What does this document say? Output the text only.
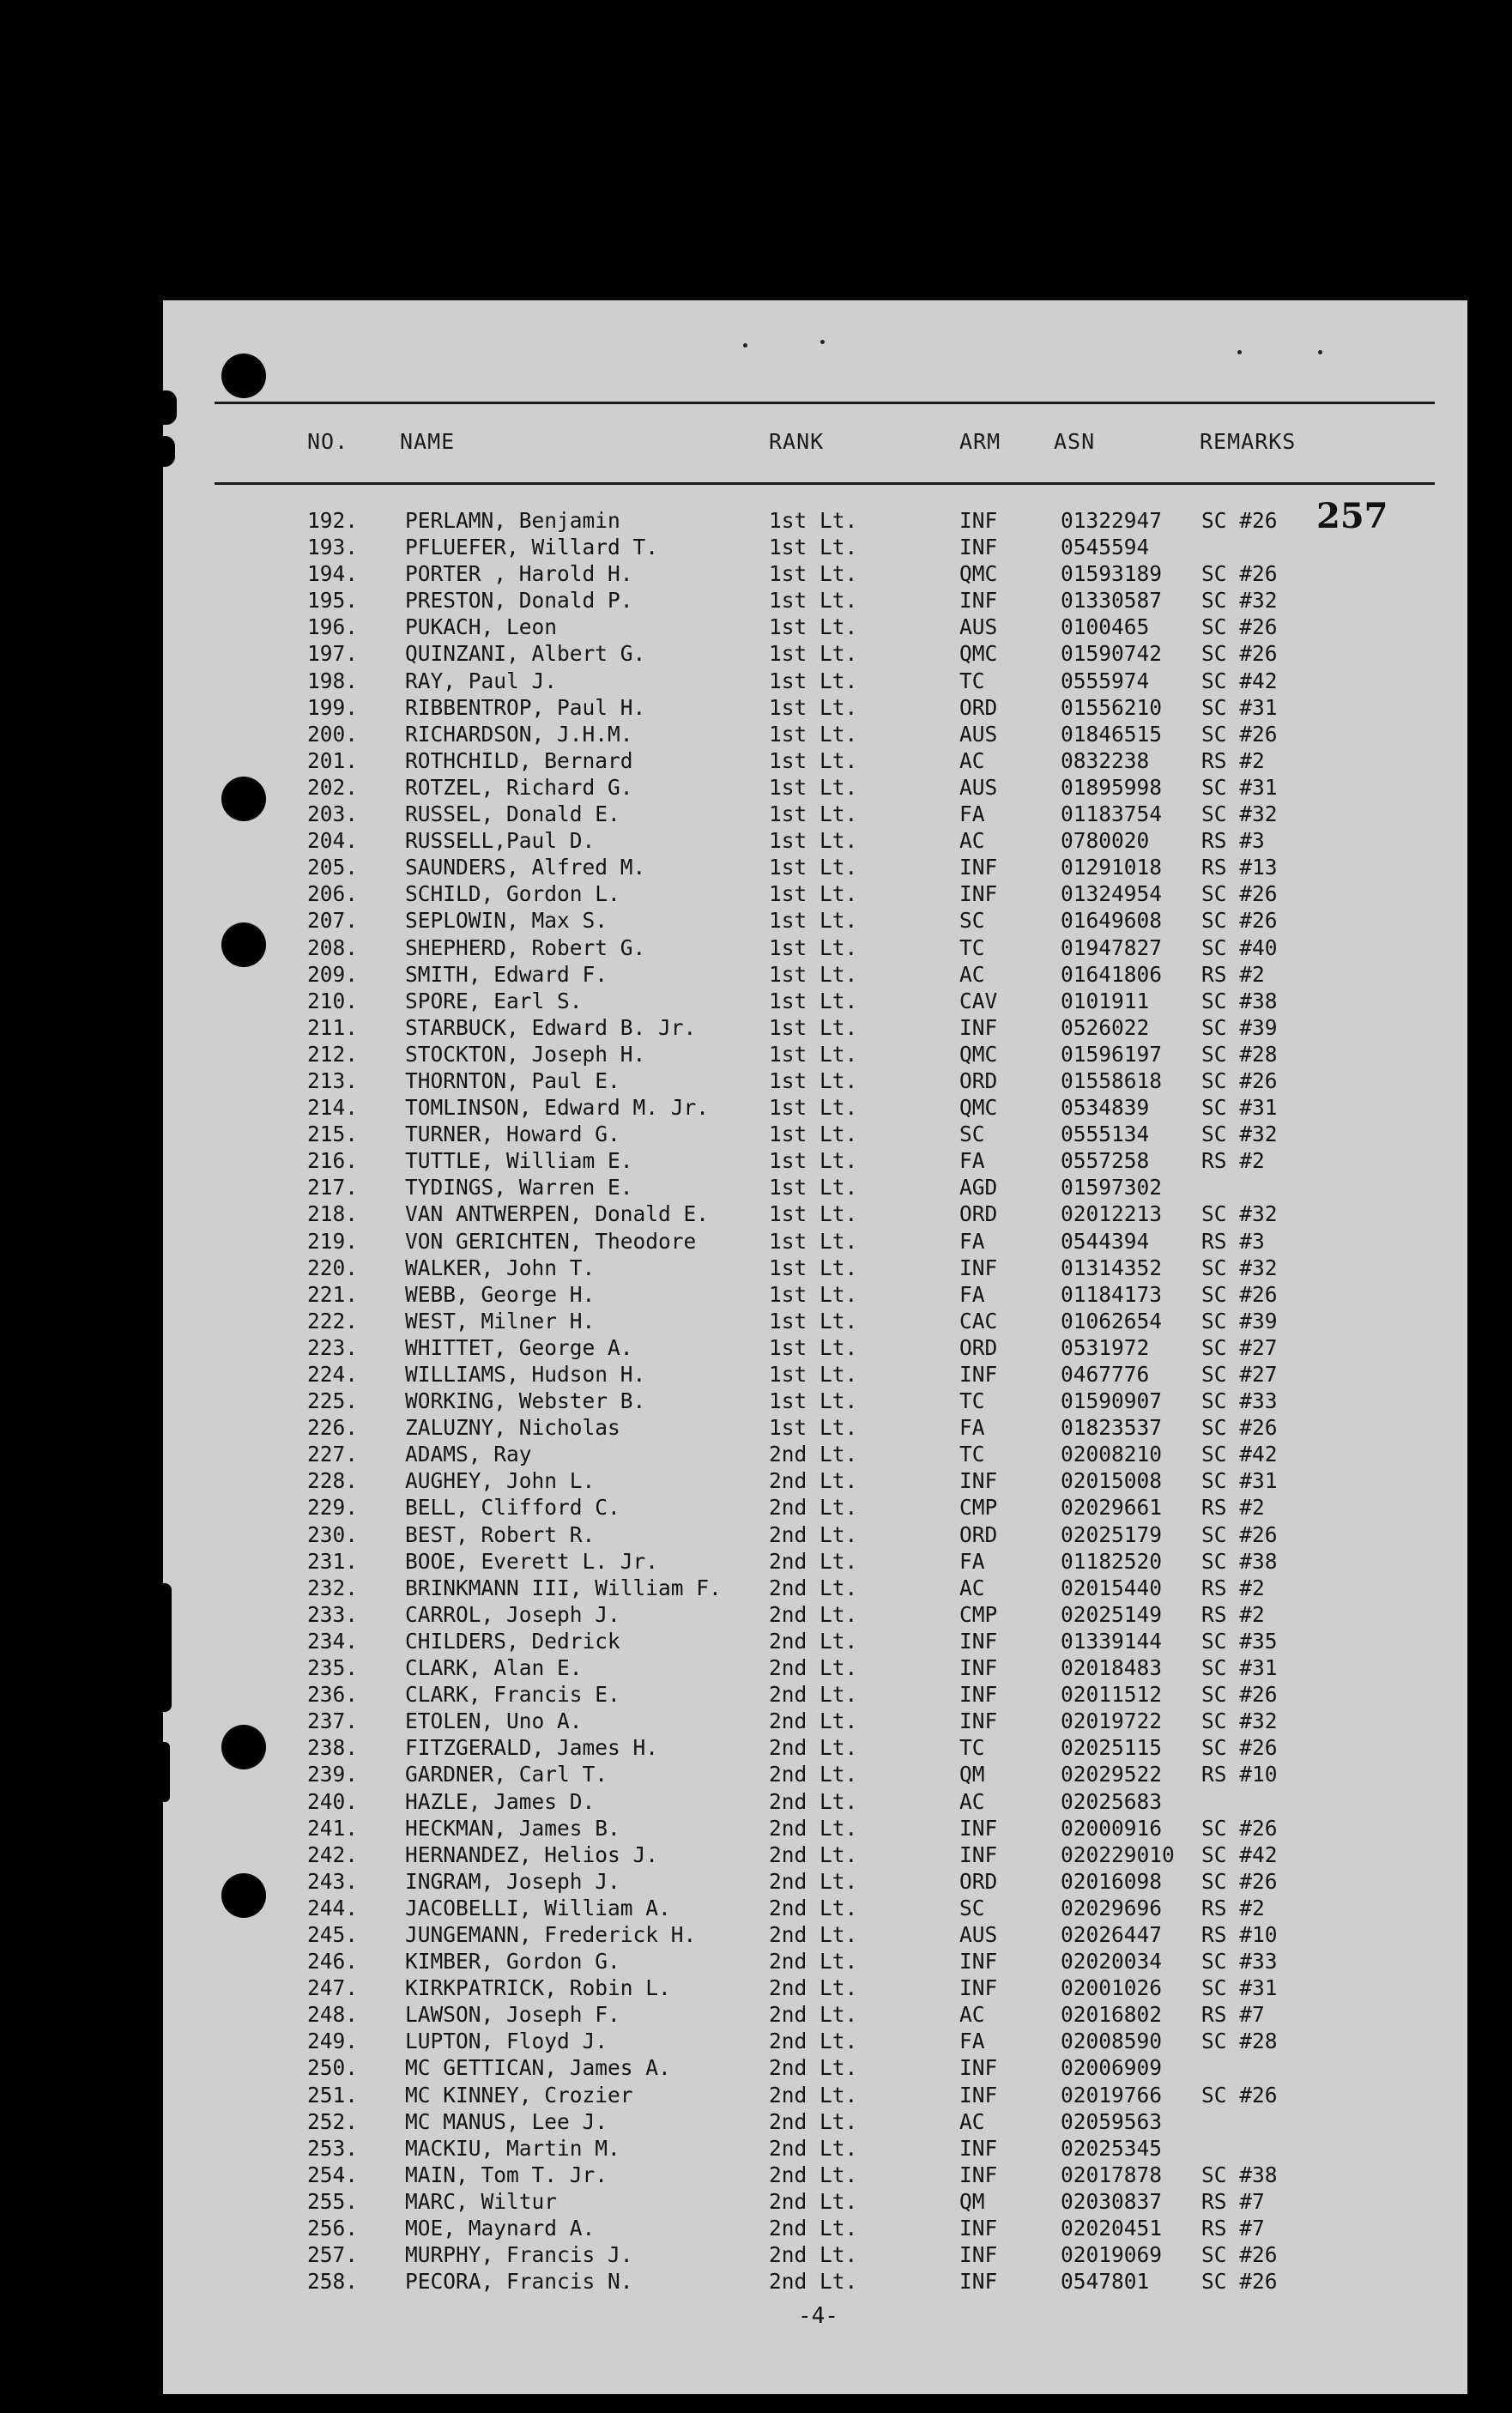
NO. NAME	RANK	ARM ASN	REMARKS
257
192. PERLAMN, Benjamin	1st Lt.	INF	01322947 SC #26
193. PFLUEFER, Willard T.	1st Lt.	INF	0545594
194. PORTER , Harold H.	1st Lt.	QMC	01593189 SC #26
195. PRESTON, Donald P.	1st Lt.	INF	01330587 SC #32
196. PUKACH, Leon	1st Lt.	AUS	0100465 SC #26
197. QUINZANI, Albert G.	1st Lt.	QMC	01590742 SC #26
198. RAY, Paul J.	1st Lt.	TC	0555974 SC #42
199. RIBBENTROP, Paul H.	1st Lt.	ORD	01556210 SC #31
200. RICHARDSON, J.H.M.	1st Lt.	AUS	01846515 SC #26
201. ROTHCHILD, Bernard	1st Lt.	AC	0832238 RS #2
202. ROTZEL, Richard G.	1st Lt.	AUS	01895998 SC #31
203. RUSSEL, Donald E.	1st Lt.	FA	01183754 SC #32
204. RUSSELL,Paul D.	1st Lt.	AC	0780020 RS #3
205. SAUNDERS, Alfred M.	1st Lt.	INF	01291018 RS #13
206. SCHILD, Gordon L.	1st Lt.	INF	01324954 SC #26
207. SEPLOWIN, Max S.	1st Lt.	SC	01649608 SC #26
208. SHEPHERD, Robert G.	1st Lt.	TC	01947827 SC #40
209. SMITH, Edward F.	1st Lt.	AC	01641806 RS #2
210. SPORE, Earl S.	1st Lt.	CAV	0101911 SC #38
211. STARBUCK, Edward B. Jr.	1st Lt.	INF	0526022 SC #39
212. STOCKTON, Joseph H.	1st Lt.	QMC	01596197 SC #28
213. THORNTON, Paul E.	1st Lt.	ORD	01558618 SC #26
214. TOMLINSON, Edward M. Jr.	1st Lt.	QMC	0534839 SC #31
215. TURNER, Howard G.	1st Lt.	SC	0555134 SC #32
216. TUTTLE, William E.	1st Lt.	FA	0557258 RS #2
217. TYDINGS, Warren E.	1st Lt.	AGD	01597302
218. VAN ANTWERPEN, Donald E.	1st Lt.	ORD	02012213 SC #32
219. VON GERICHTEN, Theodore	1st Lt.	FA	0544394 RS #3
220. WALKER, John T.	1st Lt.	INF	01314352 SC #32
221. WEBB, George H.	1st Lt.	FA	01184173 SC #26
222. WEST, Milner H.	1st Lt.	CAC	01062654 SC #39
223. WHITTET, George A.	1st Lt.	ORD	0531972 SC #27
224. WILLIAMS, Hudson H.	1st Lt.	INF	0467776 SC #27
225. WORKING, Webster B.	1st Lt.	TC	01590907 SC #33
226. ZALUZNY, Nicholas	1st Lt.	FA	01823537 SC #26
227. ADAMS, Ray	2nd Lt.	TC	02008210 SC #42
228. AUGHEY, John L.	2nd Lt.	INF	02015008 SC #31
229. BELL, Clifford C.	2nd Lt.	CMP	02029661 RS #2
230. BEST, Robert R.	2nd Lt.	ORD	02025179 SC #26
231. BOOE, Everett L. Jr.	2nd Lt.	FA	01182520 SC #38
232. BRINKMANN III, William F. 2nd Lt.	AC	02015440 RS #2
233. CARROL, Joseph J.	2nd Lt.	CMP	02025149 RS #2
234. CHILDERS, Dedrick	2nd Lt.	INF	01339144 SC #35
235. CLARK, Alan E.	2nd Lt.	INF	02018483 SC #31
236. CLARK, Francis E.	2nd Lt.	INF	02011512 SC #26
237. ETOLEN, Uno A.	2nd Lt.	INF	02019722 SC #32
238. FITZGERALD, James H.	2nd Lt.	TC	02025115 SC #26
239. GARDNER, Carl T.	2nd Lt.	QM	02029522 RS #10
240. HAZLE, James D.	2nd Lt.	AC	02025683
241. HECKMAN, James B.	2nd Lt.	INF	02000916 SC #26
242. HERNANDEZ, Helios J.	2nd Lt.	INF	020229010 SC #42
243. INGRAM, Joseph J.	2nd Lt.	ORD	02016098 SC #26
244. JACOBELLI, William A.	2nd Lt.	SC	02029696 RS #2
245. JUNGEMANN, Frederick H.	2nd Lt.	AUS	02026447 RS #10
246. KIMBER, Gordon G.	2nd Lt.	INF	02020034 SC #33
247. KIRKPATRICK, Robin L.	2nd Lt.	INF	02001026 SC #31
248. LAWSON, Joseph F.	2nd Lt.	AC	02016802 RS #7
249. LUPTON, Floyd J.	2nd Lt.	FA	02008590 SC #28
250. MC GETTICAN, James A.	2nd Lt.	INF	02006909
251. MC KINNEY, Crozier	2nd Lt.	INF	02019766 SC #26
252. MC MANUS, Lee J.	2nd Lt.	AC	02059563
253. MACKIU, Martin M.	2nd Lt.	INF	02025345
254. MAIN, Tom T. Jr.	2nd Lt.	INF	02017878 SC #38
255. MARC, Wiltur	2nd Lt.	QM	02030837 RS #7
256. MOE, Maynard A.	2nd Lt.	INF	02020451 RS #7
257. MURPHY, Francis J.	2nd Lt.	INF	02019069 SC #26
258. PECORA, Francis N.	2nd Lt.	INF	0547801 SC #26
-4-
